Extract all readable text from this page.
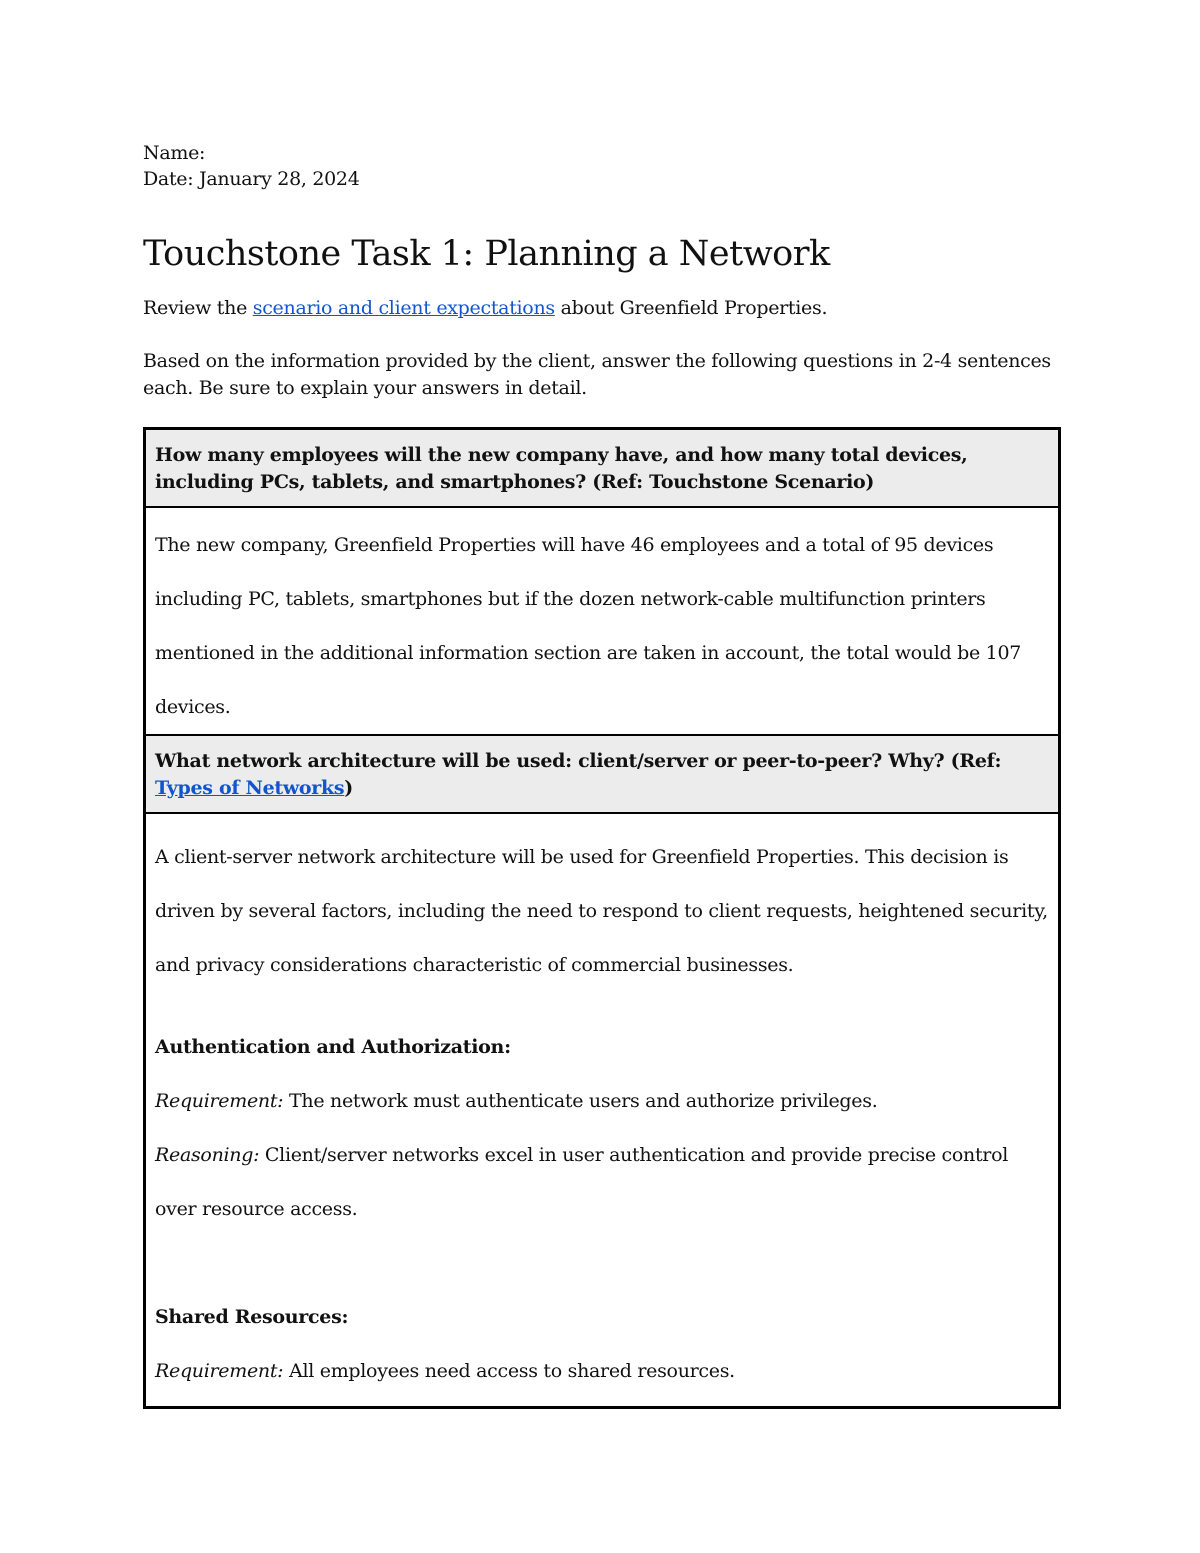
Name:

Date: January 28, 2024

Touchstone Task 1: Planning a Network

Review the scenario and client expectations about Greenfield Properties.

Based on the information provided by the client, answer the following questions in 2-4 sentences each. Be sure to explain your answers in detail.

How many employees will the new company have, and how many total devices, including PCs, tablets, and smartphones? (Ref: Touchstone Scenario)

The new company, Greenfield Properties will have 46 employees and a total of 95 devices including PC, tablets, smartphones but if the dozen network-cable multifunction printers mentioned in the additional information section are taken in account, the total would be 107 devices.

What network architecture will be used: client/server or peer-to-peer? Why? (Ref: Types of Networks)

A client-server network architecture will be used for Greenfield Properties. This decision is driven by several factors, including the need to respond to client requests, heightened security, and privacy considerations characteristic of commercial businesses.

Authentication and Authorization:

Requirement: The network must authenticate users and authorize privileges.

Reasoning: Client/server networks excel in user authentication and provide precise control over resource access.

Shared Resources:

Requirement: All employees need access to shared resources.
